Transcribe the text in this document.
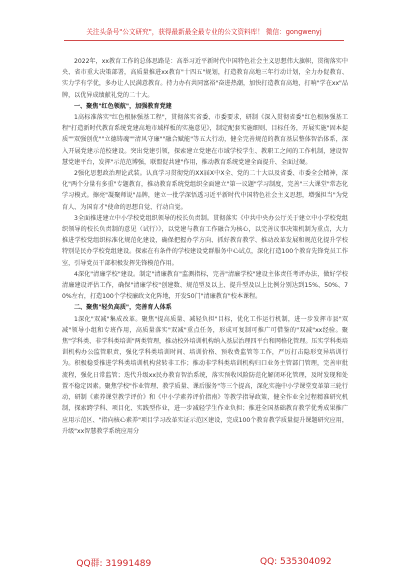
关注头条号"公文研究"，获得最新最全最专业的公文资料库！ 微信：gongwenyj

2022年，xx教育工作的总体思路是：高举习近平新时代中国特色社会主义思想伟大旗帜，贯彻落实中央、省市重大决策部署，高质量推进xx教育"十四五"规划，打造教育高地三年行动计划，全力办促教育、实力学有学优，多办让人民满意教育。持力办有共同富裕"奋进热潮，加快打造教育高地，打响"学在xx"品牌，以优异成绩献礼党的二十大。

一、聚焦"红色领航"，加强教育党建

1高标准落实"红色根脉强基工程"，贯彻落实省委、市委要求，研制《深入贯彻省委"红色根脉强基工程"打造新时代教育系统党建高地市域样板的实施意见》，制定配套实施细则、目标任务，开展实施"固本提质""双强创优""立德铸魂""清风守廉""融合赋能"等五大行动，健全完善规范的教育基层整体智治体系，深入开展党建示范校建设。突出党建引领，探索建立党建在市域学校学生、教职工之间的工作机制，建设智慧党建平台，发挥"示范范博强，联盟促共建"作用，推动教育系统党建全面提升、全面过硬。

2强化思想政治理论武装。认真学习贯彻党的XX届X中X全、党的二十大以及省委、市委全会精神，深化"两个分量有多重"专题教育，推动教育系统党组织全面建立"第一议题"学习制度，完善"三大课堂"常态化学习模式。擦亮"凝聚师说"品牌，建立一批学深悟透习近平新时代中国特色社会主义思想，增强担当"为党育人、为国育才"使命的思想自觉、行动自觉。

3全面推进建立中小学校党组织领导的校长负责制。贯彻落实《中共中央办公厅关于建立中小学校党组织领导的校长负责制的意见（试行）》，以党建与教育工作融合为核心，以完善议事决策机制为重点，大力推进学校党组织标准化规范化建设，确保把握办学方向、抓好教育教学、推动改革发展和规范化提升学校特别是民办学校党组建设。探索在有条件的学校建设党群服务中心试点，深化打造100个教育先锋党员工作室，引导党员干部积极发挥先锋模范作用。

4深化"清廉学校"建设。制定"清廉教育"监测指标，完善"清廉学校"建设主体责任考评办法，做好学校清廉建设评估工作，确保"清廉学校"创建数、规范型及以上、提升型及以上比例分别达到15%、50%、70%左右，打造100个学校廉政文化阵地，开发50门"清廉教育"校本课程。

二、聚焦"轻负高质"，完善育人体系

1深化"双减"集成改革。聚焦"提高质量、减轻负担"目标，优化工作运行机制，进一步发挥市县"双减"领导小组和专班作用，高质量落实"双减"重点任务，形成可复制可推广可借鉴的"双减"xx经验。聚焦"学科类、非学科类培训"两类管理，推动校外培训机构纳入基层治理四平台和网格化管理。压实学科类培训机构办公监管职责，强化学科类培训时间、培训价格、预收费监管等工作，严厉打击隐形变异培训行为。积极稳妥推进学科类培训机构营转非工作；推动非学科类培训机构归口业务主管部门管理，完善审批流程，强化日常监管；迭代升级xx民办教育智治系统，落实预收风险防范化解闭环化管理，及时发现和处置不稳定因素。聚焦学校"作业管理、教学质量、课后服务"等三个提高，深化实施中小学课堂变革第三轮行动，研制《素养课堂教学评价》和《中小学素养评价指南》等教学指导政策，健全作业全过程精准研究机制，探索跨学科、项目化、实践型作业，进一步减轻学生作业负担；推进全国基础教育教学优秀成果推广应用示范区、"指向核心素养"项目学习改革实证示范区建设，完成100个教育教学质量提升课题研究应用，升级"xx智慧教学系统应用分

QQ群: 31991489	QQ: 535304092
